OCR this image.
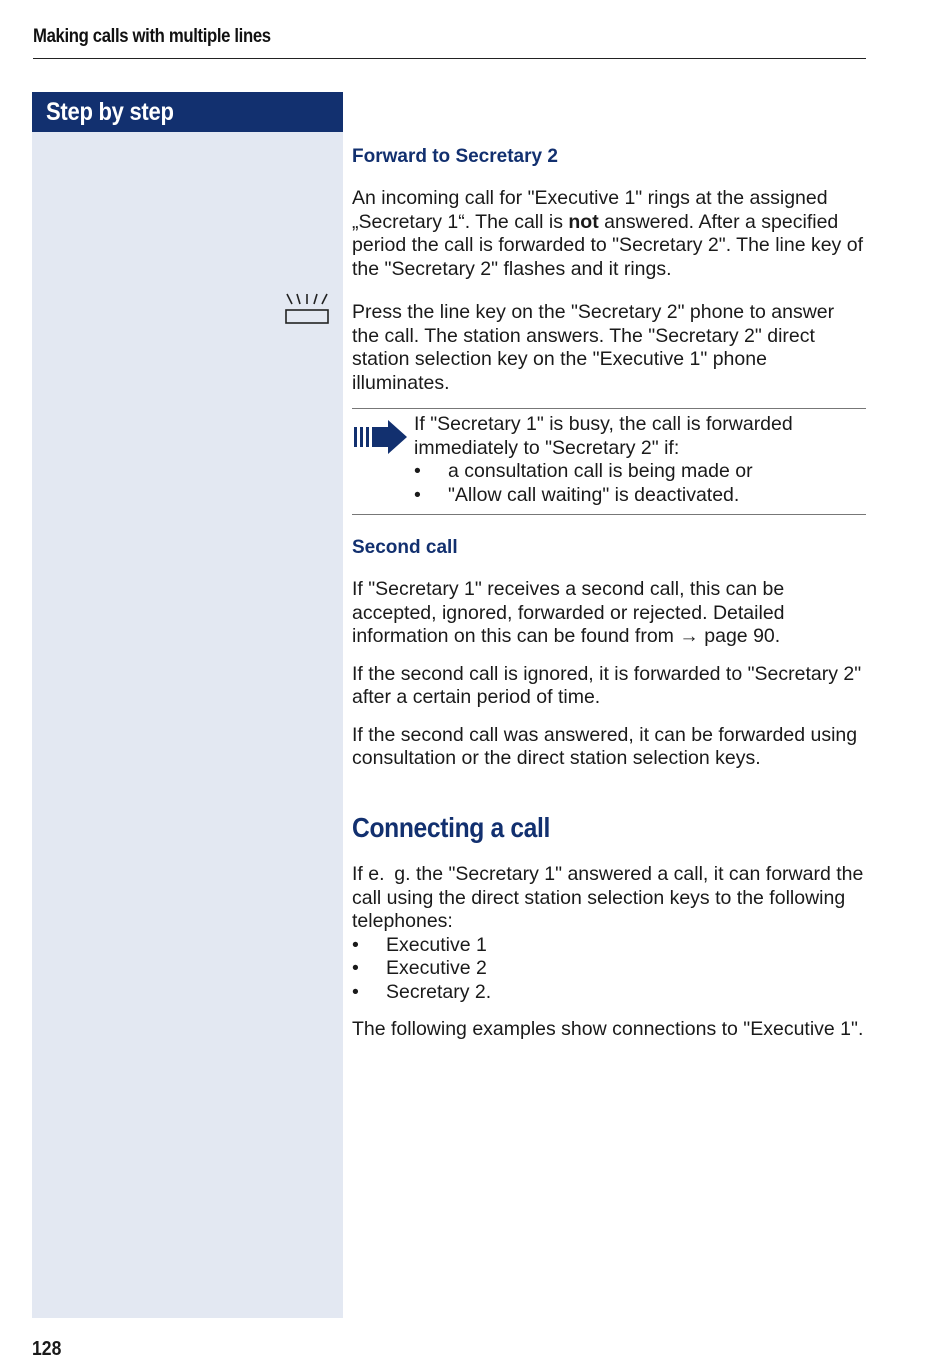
Making calls with multiple lines
Step by step
Forward to Secretary 2

An incoming call for "Executive 1" rings at the assigned „Secretary 1“. The call is not answered. After a specified period the call is forwarded to "Secretary 2". The line key of the "Secretary 2" flashes and it rings.

Press the line key on the "Secretary 2" phone to answer the call. The station answers. The "Secretary 2" direct station selection key on the "Executive 1" phone illuminates.

If "Secretary 1" is busy, the call is forwarded immediately to "Secretary 2" if:

•	a consultation call is being made or
•	"Allow call waiting" is deactivated.
Second call

If "Secretary 1" receives a second call, this can be accepted, ignored, forwarded or rejected. Detailed information on this can be found from → page 90.

If the second call is ignored, it is forwarded to "Secretary 2" after a certain period of time.

If the second call was answered, it can be forwarded using consultation or the direct station selection keys.

Connecting a call

If e. g. the "Secretary 1" answered a call, it can forward the call using the direct station selection keys to the following telephones:

•	Executive 1
•	Executive 2
•	Secretary 2.

The following examples show connections to "Executive 1".

128
